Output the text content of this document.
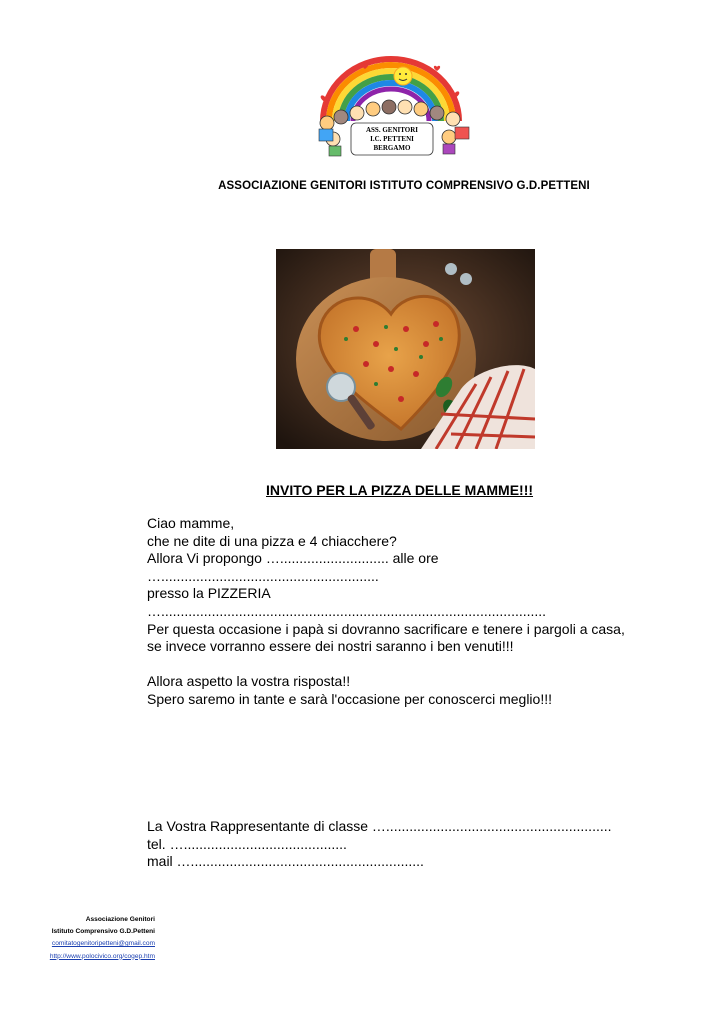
ASS. GENITORI
I.C. PETTENI
BERGAMO
ASSOCIAZIONE GENITORI ISTITUTO COMPRENSIVO G.D.PETTENI
INVITO PER LA PIZZA DELLE MAMME!!!
Ciao mamme,
che ne dite di una pizza e 4 chiacchere?
Allora Vi propongo …............................ alle ore
…........................................................
presso la PIZZERIA
…...................................................................................................
Per questa occasione i papà si dovranno sacrificare e tenere i pargoli a casa,
se invece vorranno essere dei nostri saranno i ben venuti!!!
Allora aspetto la vostra risposta!!
Spero saremo in tante e sarà l'occasione per conoscerci meglio!!!
La Vostra Rappresentante di classe …..........................................................
tel. …..........................................
mail …............................................................
Associazione Genitori
Istituto Comprensivo G.D.Petteni
comitatogenitoripetteni@gmail.com
http://www.polocivico.org/cogep.htm
